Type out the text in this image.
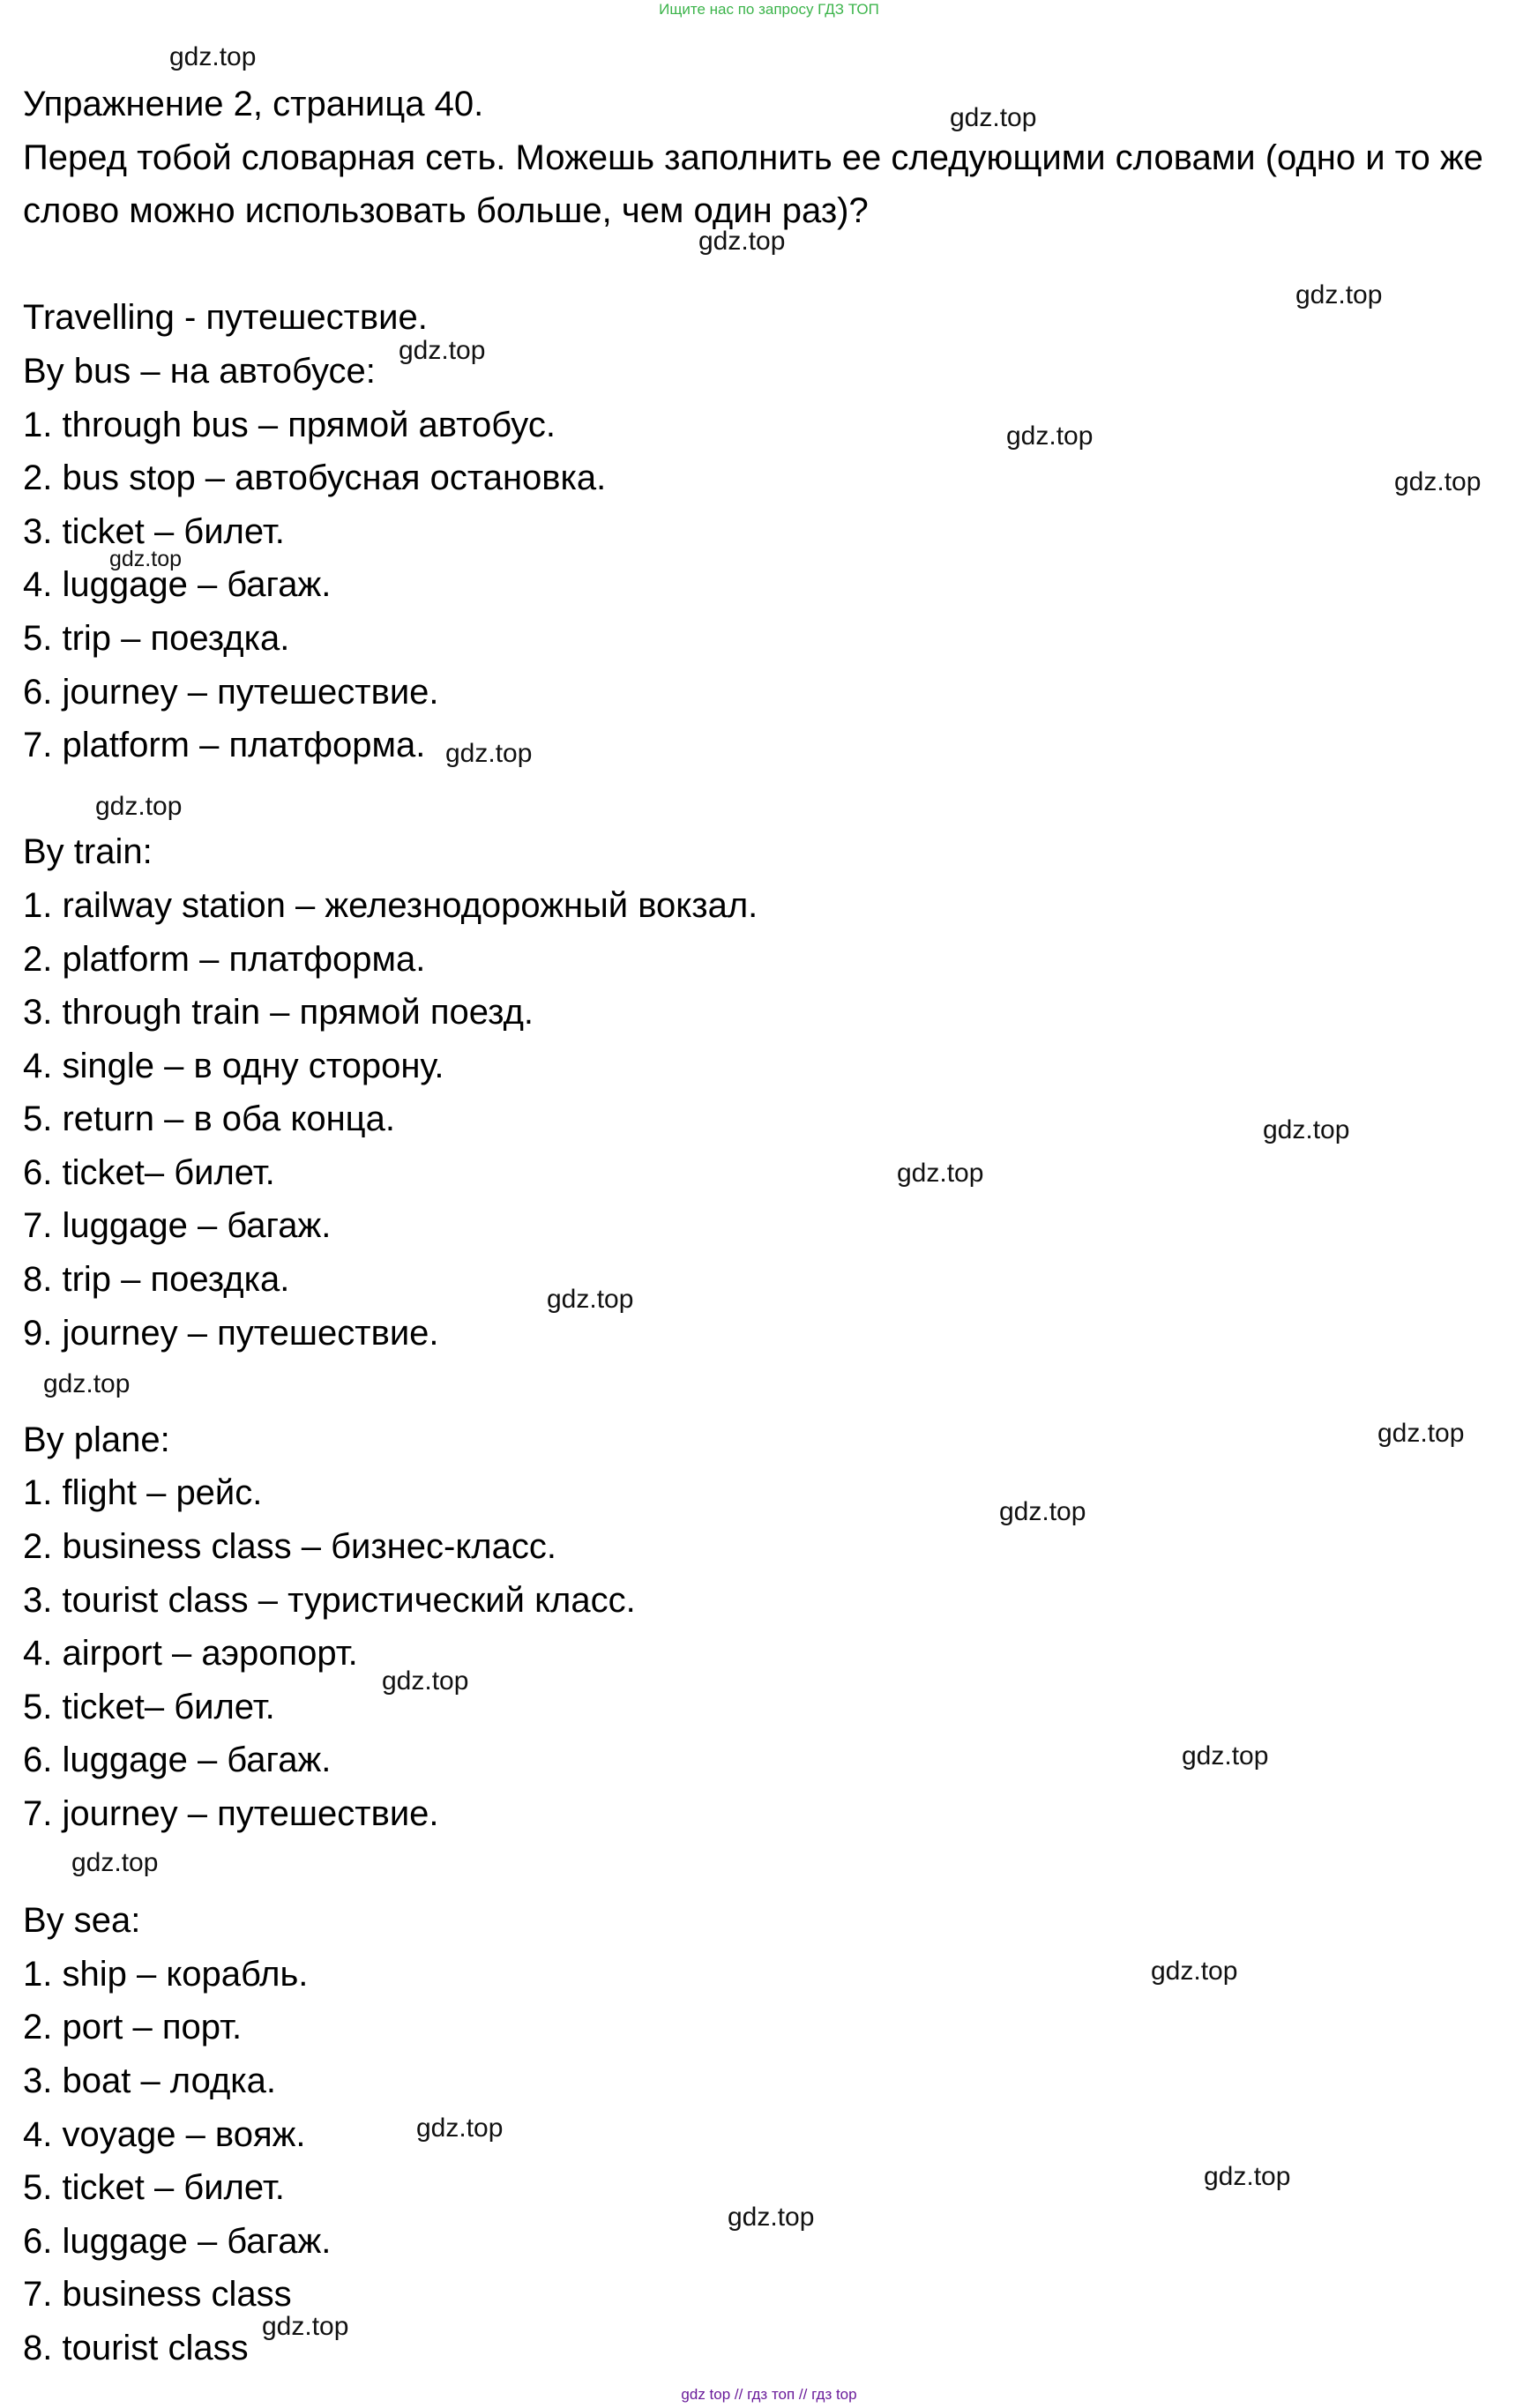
Ищите нас по запросу ГДЗ ТОП
Упражнение 2, страница 40.
Перед тобой словарная сеть. Можешь заполнить ее следующими словами (одно и то же слово можно использовать больше, чем один раз)?
Travelling - путешествие.
By bus – на автобусе:
1. through bus – прямой автобус.
2. bus stop – автобусная остановка.
3. ticket – билет.
4. luggage – багаж.
5. trip – поездка.
6. journey – путешествие.
7. platform – платформа.
By train:
1. railway station – железнодорожный вокзал.
2. platform – платформа.
3. through train – прямой поезд.
4. single – в одну сторону.
5. return – в оба конца.
6. ticket– билет.
7. luggage – багаж.
8. trip – поездка.
9. journey – путешествие.
By plane:
1. flight – рейс.
2. business class – бизнес-класс.
3. tourist class – туристический класс.
4. airport – аэропорт.
5. ticket– билет.
6. luggage – багаж.
7. journey – путешествие.
By sea:
1. ship – корабль.
2. port – порт.
3. boat – лодка.
4. voyage – вояж.
5. ticket – билет.
6. luggage – багаж.
7. business class
8. tourist class
gdz.top
gdz.top
gdz.top
gdz.top
gdz.top
gdz.top
gdz.top
gdz.top
gdz.top
gdz.top
gdz.top
gdz.top
gdz.top
gdz.top
gdz.top
gdz.top
gdz.top
gdz.top
gdz.top
gdz.top
gdz.top
gdz.top
gdz.top
gdz.top
gdz top // гдз топ // гдз top
